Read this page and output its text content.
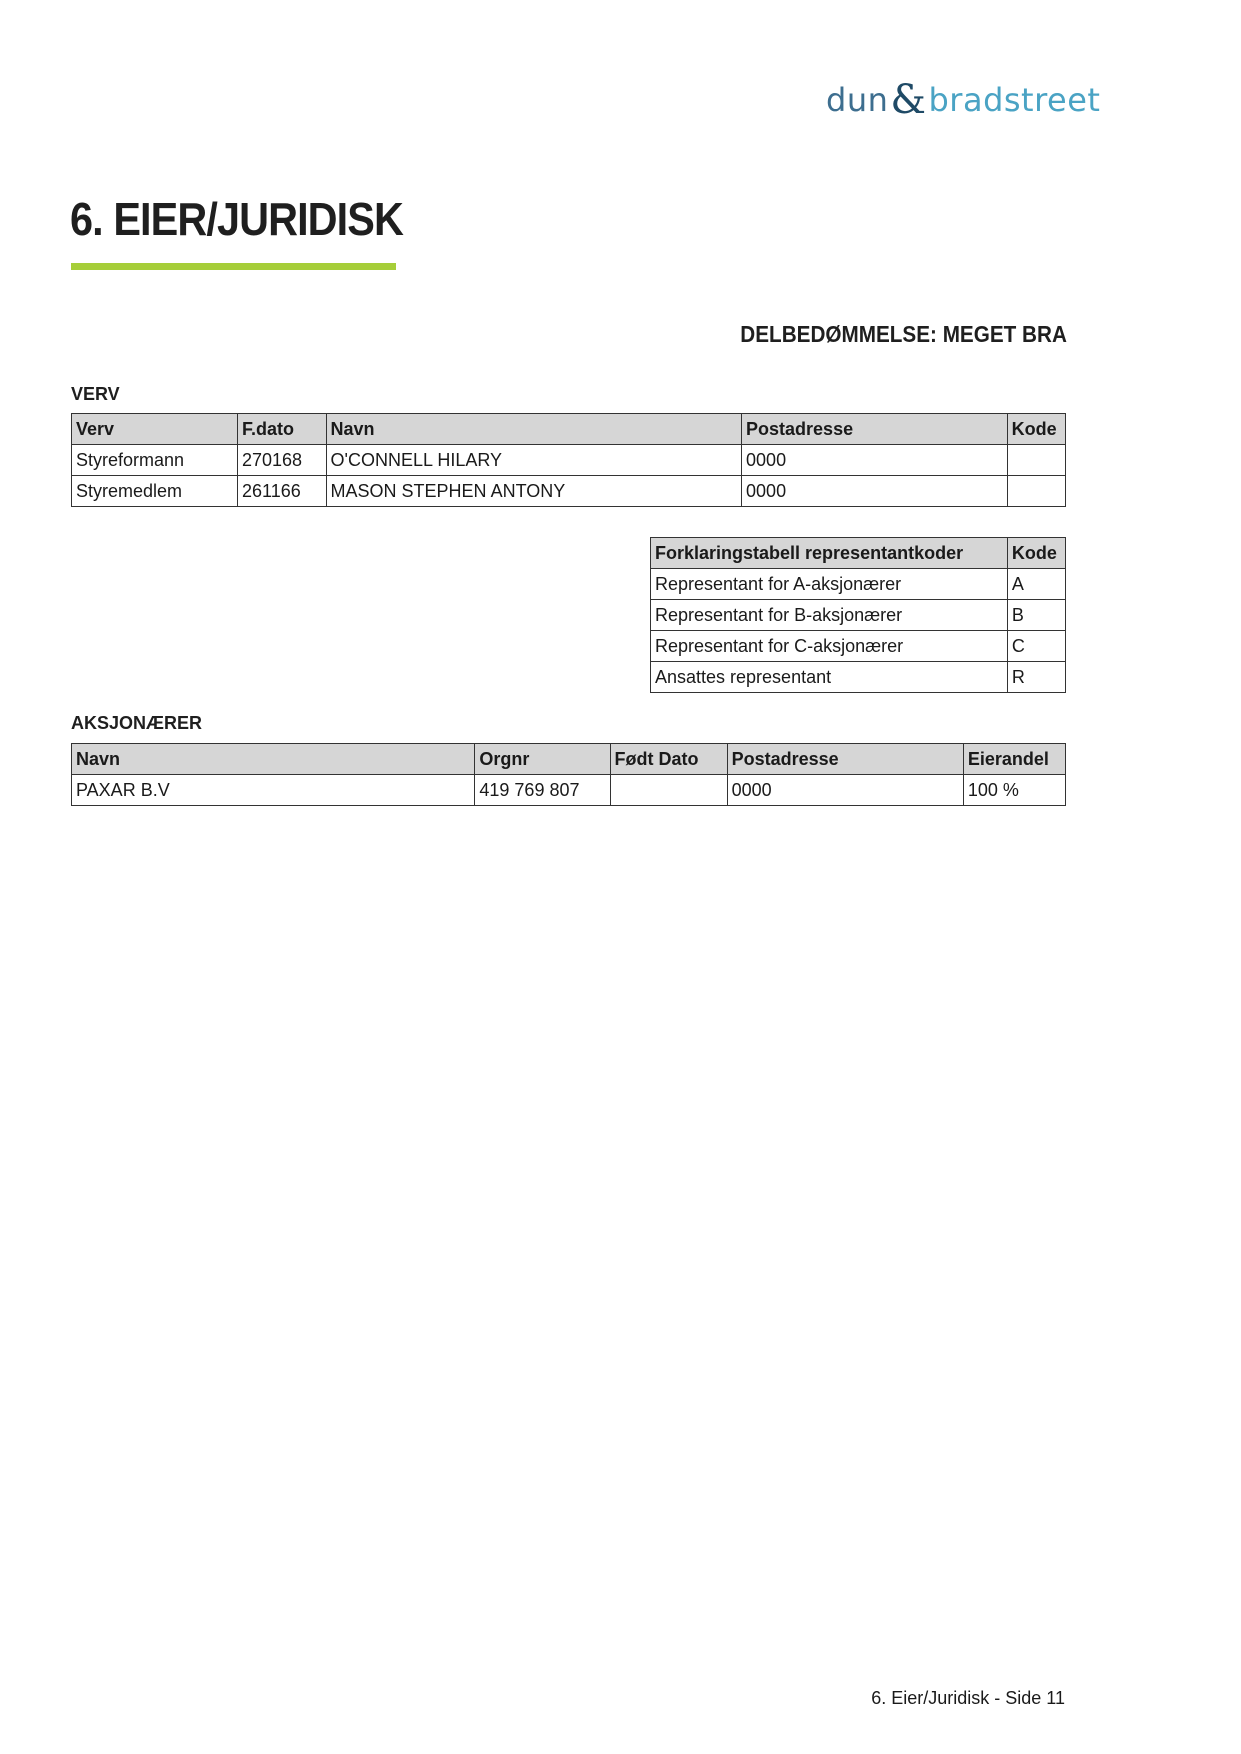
dun & bradstreet
6. EIER/JURIDISK
DELBEDØMMELSE: MEGET BRA
VERV
Verv	F.dato	Navn	Postadresse	Kode
Styreformann	270168	O'CONNELL HILARY	0000	
Styremedlem	261166	MASON STEPHEN ANTONY	0000	
Forklaringstabell representantkoder	Kode
Representant for A-aksjonærer	A
Representant for B-aksjonærer	B
Representant for C-aksjonærer	C
Ansattes representant	R
AKSJONÆRER
Navn	Orgnr	Født Dato	Postadresse	Eierandel
PAXAR B.V	419 769 807		0000	100 %
6. Eier/Juridisk - Side 11
